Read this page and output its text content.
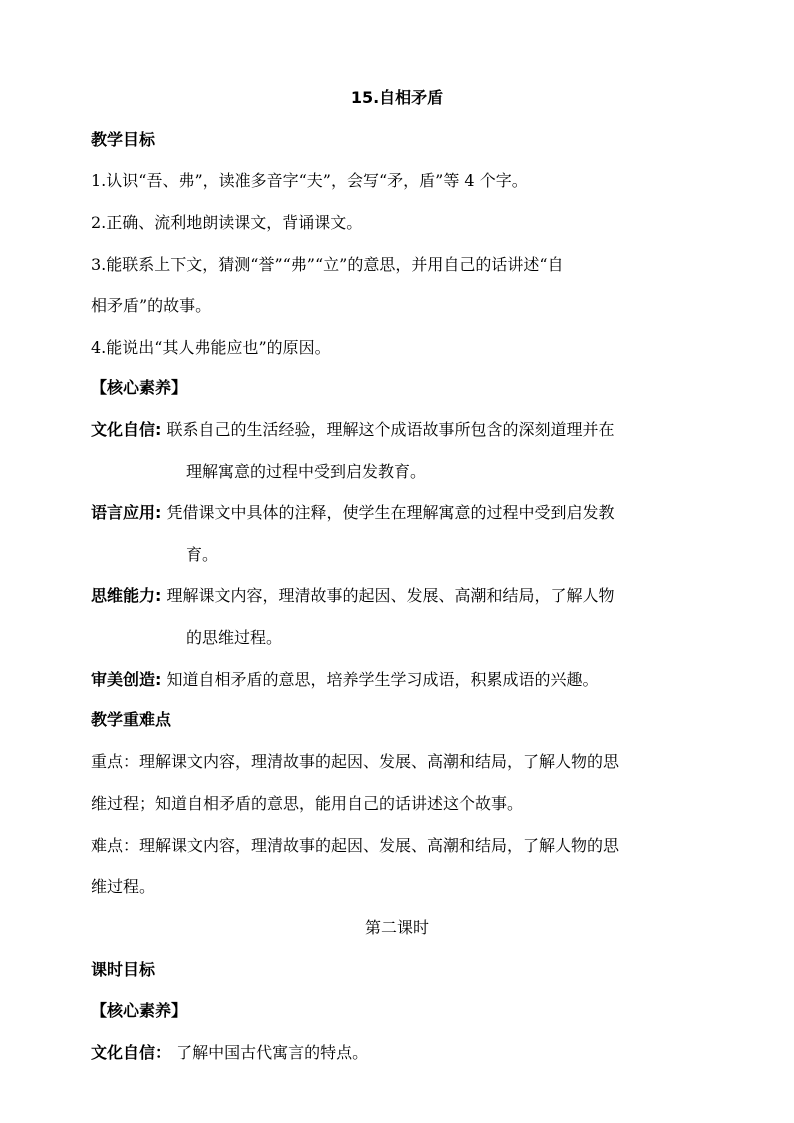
15.自相矛盾
教学目标
1.认识“吾、弗”，读准多音字“夫”，会写“矛，盾”等 4 个字。
2.正确、流利地朗读课文，背诵课文。
3.能联系上下文，猜测“誉”“弗”“立”的意思，并用自己的话讲述“自
相矛盾”的故事。
4.能说出“其人弗能应也”的原因。
【核心素养】
文化自信: 联系自己的生活经验，理解这个成语故事所包含的深刻道理并在
理解寓意的过程中受到启发教育。
语言应用: 凭借课文中具体的注释，使学生在理解寓意的过程中受到启发教
育。
思维能力: 理解课文内容，理清故事的起因、发展、高潮和结局，了解人物
的思维过程。
审美创造: 知道自相矛盾的意思，培养学生学习成语，积累成语的兴趣。
教学重难点
重点：理解课文内容，理清故事的起因、发展、高潮和结局，了解人物的思
维过程；知道自相矛盾的意思，能用自己的话讲述这个故事。
难点：理解课文内容，理清故事的起因、发展、高潮和结局，了解人物的思
维过程。
第二课时
课时目标
【核心素养】
文化自信： 了解中国古代寓言的特点。
